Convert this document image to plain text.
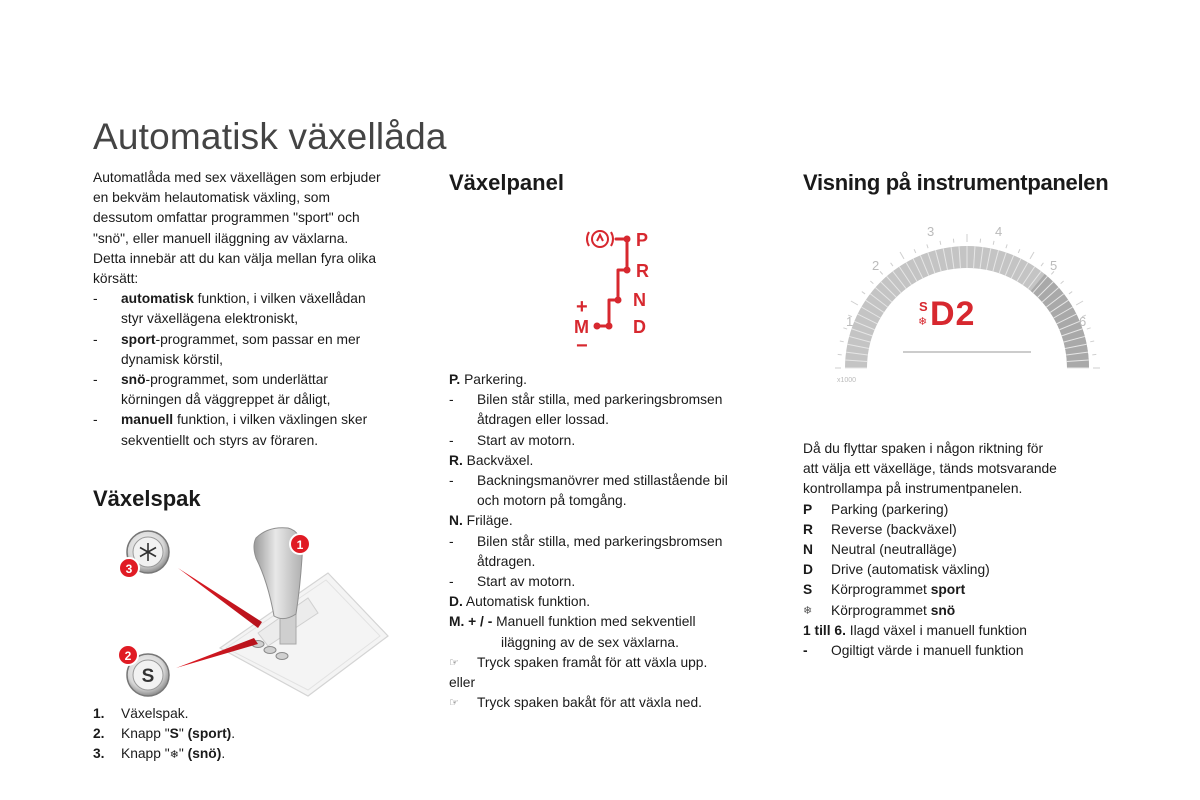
Automatisk växellåda

Automatlåda med sex växellägen som erbjuder

en bekväm helautomatisk växling, som

dessutom omfattar programmen "sport" och

"snö", eller manuell iläggning av växlarna.

Detta innebär att du kan välja mellan fyra olika

körsätt:

-	automatisk funktion, i vilken växellådan

styr växellägena elektroniskt,

-	sport-programmet, som passar en mer

dynamisk körstil,

-	snö-programmet, som underlättar

körningen då väggreppet är dåligt,

-	manuell funktion, i vilken växlingen sker

sekventiellt och styrs av föraren.

Växelspak
S
1
3
2
1.	Växelspak.
2.	Knapp "S" (sport).
3.	Knapp "❄" (snö).
Växelpanel
P
R
N
D
+
M
−

P. Parkering.

-	Bilen står stilla, med parkeringsbromsen

åtdragen eller lossad.

-	Start av motorn.

R. Backväxel.

-	Backningsmanövrer med stillastående bil

och motorn på tomgång.

N. Friläge.

-	Bilen står stilla, med parkeringsbromsen

åtdragen.

-	Start av motorn.

D. Automatisk funktion.

M. + / - Manuell funktion med sekventiell

iläggning av de sex växlarna.

☞	Tryck spaken framåt för att växla upp.

eller

☞	Tryck spaken bakåt för att växla ned.
Visning på instrumentpanelen
1
2
3	4
5
6
x1000
S
❄ D2

Då du flyttar spaken i någon riktning för

att välja ett växelläge, tänds motsvarande

kontrollampa på instrumentpanelen.

P	Parking (parkering)
R	Reverse (backväxel)
N	Neutral (neutralläge)
D	Drive (automatisk växling)
S	Körprogrammet sport
❄	Körprogrammet snö

1 till 6. Ilagd växel i manuell funktion

-	Ogiltigt värde i manuell funktion
